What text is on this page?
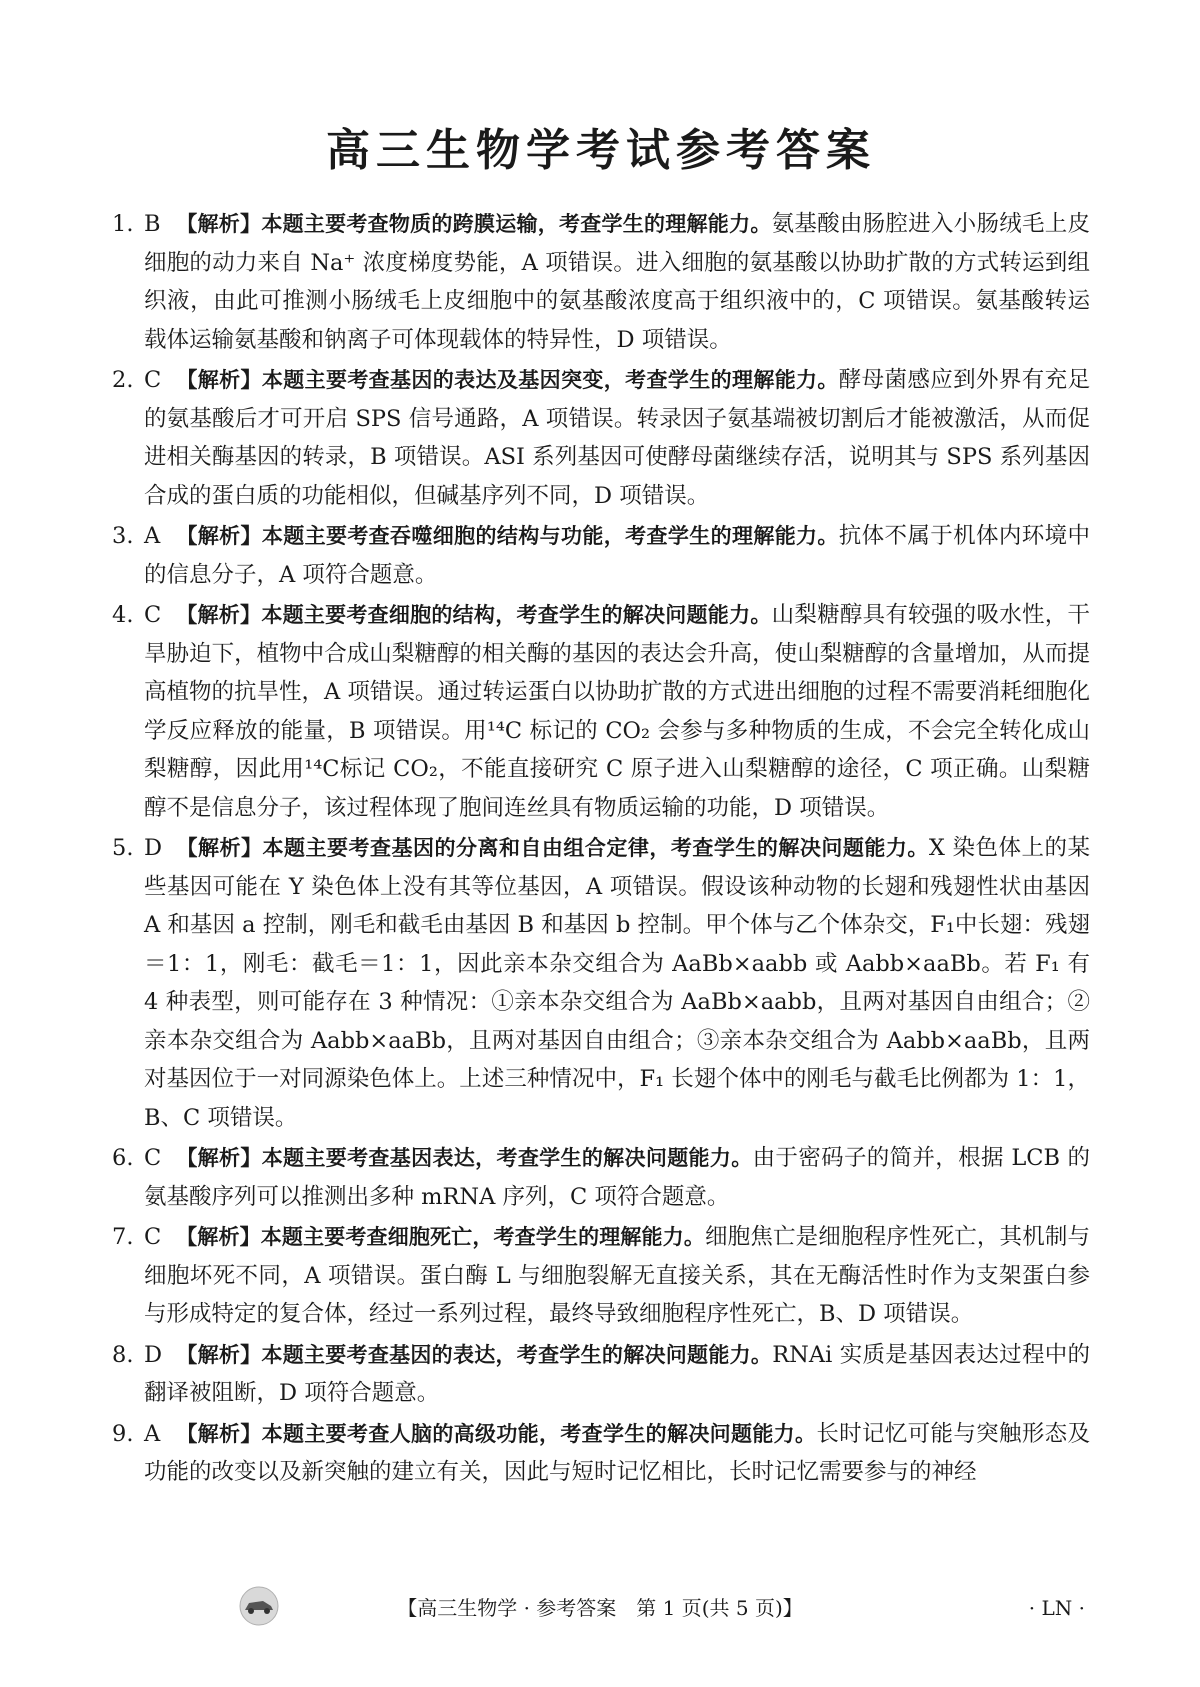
高三生物学考试参考答案
1. B 【解析】本题主要考查物质的跨膜运输，考查学生的理解能力。氨基酸由肠腔进入小肠绒毛上皮细胞的动力来自 Na⁺ 浓度梯度势能，A 项错误。进入细胞的氨基酸以协助扩散的方式转运到组织液，由此可推测小肠绒毛上皮细胞中的氨基酸浓度高于组织液中的，C 项错误。氨基酸转运载体运输氨基酸和钠离子可体现载体的特异性，D 项错误。
2. C 【解析】本题主要考查基因的表达及基因突变，考查学生的理解能力。酵母菌感应到外界有充足的氨基酸后才可开启 SPS 信号通路，A 项错误。转录因子氨基端被切割后才能被激活，从而促进相关酶基因的转录，B 项错误。ASI 系列基因可使酵母菌继续存活，说明其与 SPS 系列基因合成的蛋白质的功能相似，但碱基序列不同，D 项错误。
3. A 【解析】本题主要考查吞噬细胞的结构与功能，考查学生的理解能力。抗体不属于机体内环境中的信息分子，A 项符合题意。
4. C 【解析】本题主要考查细胞的结构，考查学生的解决问题能力。山梨糖醇具有较强的吸水性，干旱胁迫下，植物中合成山梨糖醇的相关酶的基因的表达会升高，使山梨糖醇的含量增加，从而提高植物的抗旱性，A 项错误。通过转运蛋白以协助扩散的方式进出细胞的过程不需要消耗细胞化学反应释放的能量，B 项错误。用¹⁴C 标记的 CO₂ 会参与多种物质的生成，不会完全转化成山梨糖醇，因此用¹⁴C标记 CO₂，不能直接研究 C 原子进入山梨糖醇的途径，C 项正确。山梨糖醇不是信息分子，该过程体现了胞间连丝具有物质运输的功能，D 项错误。
5. D 【解析】本题主要考查基因的分离和自由组合定律，考查学生的解决问题能力。X 染色体上的某些基因可能在 Y 染色体上没有其等位基因，A 项错误。假设该种动物的长翅和残翅性状由基因 A 和基因 a 控制，刚毛和截毛由基因 B 和基因 b 控制。甲个体与乙个体杂交，F₁中长翅：残翅＝1：1，刚毛：截毛＝1：1，因此亲本杂交组合为 AaBb×aabb 或 Aabb×aaBb。若 F₁ 有 4 种表型，则可能存在 3 种情况：①亲本杂交组合为 AaBb×aabb，且两对基因自由组合；②亲本杂交组合为 Aabb×aaBb，且两对基因自由组合；③亲本杂交组合为 Aabb×aaBb，且两对基因位于一对同源染色体上。上述三种情况中，F₁ 长翅个体中的刚毛与截毛比例都为 1：1，B、C 项错误。
6. C 【解析】本题主要考查基因表达，考查学生的解决问题能力。由于密码子的简并，根据 LCB 的氨基酸序列可以推测出多种 mRNA 序列，C 项符合题意。
7. C 【解析】本题主要考查细胞死亡，考查学生的理解能力。细胞焦亡是细胞程序性死亡，其机制与细胞坏死不同，A 项错误。蛋白酶 L 与细胞裂解无直接关系，其在无酶活性时作为支架蛋白参与形成特定的复合体，经过一系列过程，最终导致细胞程序性死亡，B、D 项错误。
8. D 【解析】本题主要考查基因的表达，考查学生的解决问题能力。RNAi 实质是基因表达过程中的翻译被阻断，D 项符合题意。
9. A 【解析】本题主要考查人脑的高级功能，考查学生的解决问题能力。长时记忆可能与突触形态及功能的改变以及新突触的建立有关，因此与短时记忆相比，长时记忆需要参与的神经
【高三生物学 · 参考答案　第 1 页(共 5 页)】	· LN ·
